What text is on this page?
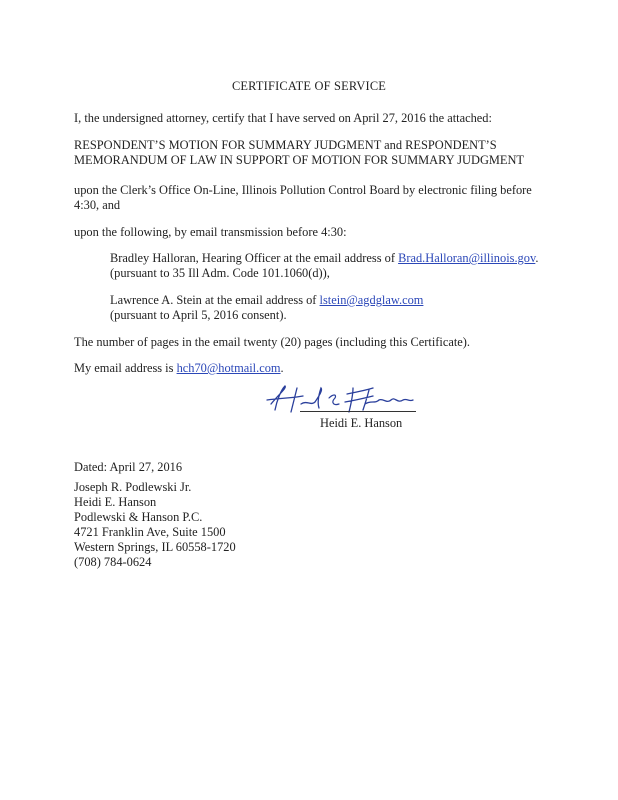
CERTIFICATE OF SERVICE
I, the undersigned attorney, certify that I have served on April 27, 2016 the attached:
RESPONDENT’S MOTION FOR SUMMARY JUDGMENT and RESPONDENT’S
MEMORANDUM OF LAW IN SUPPORT OF MOTION FOR SUMMARY JUDGMENT
upon the Clerk’s Office On-Line, Illinois Pollution Control Board by electronic filing before
4:30, and
upon the following, by email transmission before 4:30:
Bradley Halloran, Hearing Officer at the email address of Brad.Halloran@illinois.gov.
(pursuant to 35 Ill Adm. Code 101.1060(d)),
Lawrence A. Stein at the email address of lstein@agdglaw.com
(pursuant to April 5, 2016 consent).
The number of pages in the email twenty (20) pages (including this Certificate).
My email address is hch70@hotmail.com.
Heidi E. Hanson
Dated: April 27, 2016
Joseph R. Podlewski Jr.
Heidi E. Hanson
Podlewski & Hanson P.C.
4721 Franklin Ave, Suite 1500
Western Springs, IL 60558-1720
(708) 784-0624
